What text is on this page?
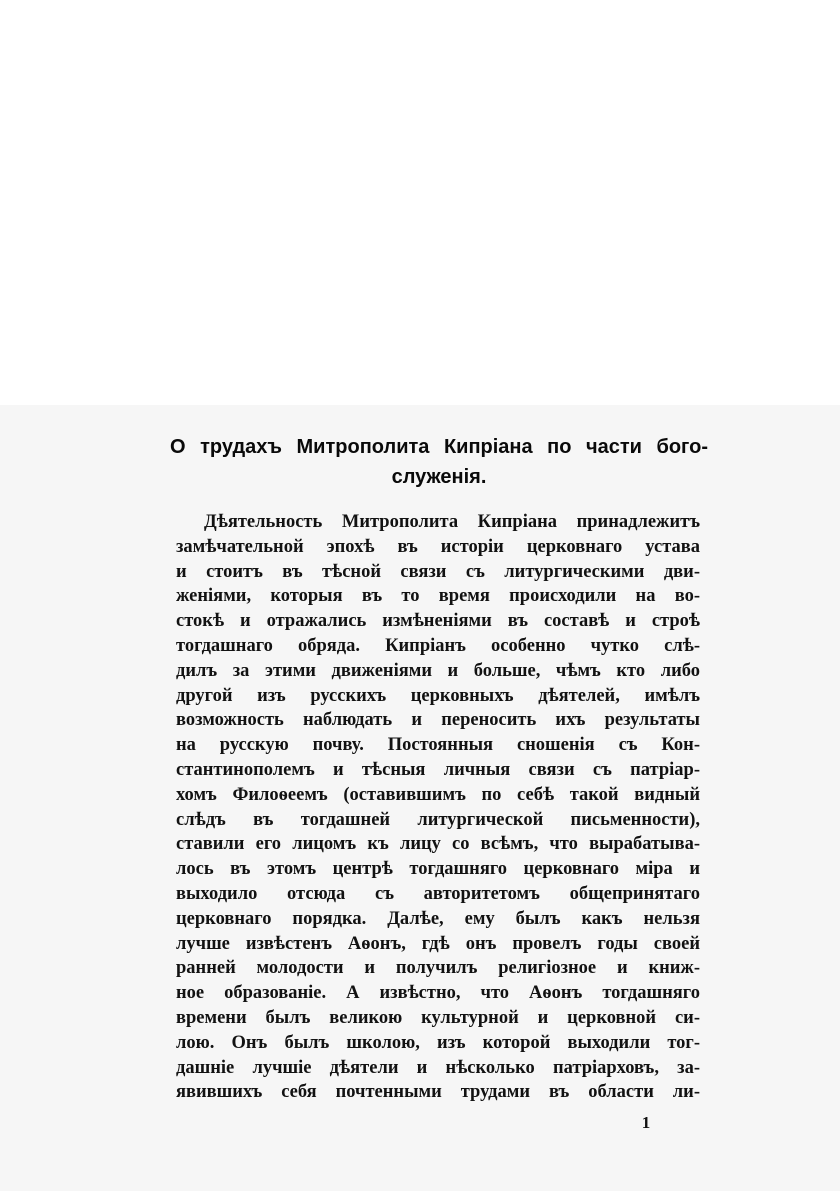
О трудахъ Митрополита Кипріана по части бого-
служенія.
Дѣятельность Митрополита Кипріана принадлежитъ
замѣчательной эпохѣ въ исторіи церковнаго устава
и стоитъ въ тѣсной связи съ литургическими дви-
женіями, которыя въ то время происходили на во-
стокѣ и отражались измѣненіями въ составѣ и строѣ
тогдашнаго обряда. Кипріанъ особенно чутко слѣ-
дилъ за этими движеніями и больше, чѣмъ кто либо
другой изъ русскихъ церковныхъ дѣятелей, имѣлъ
возможность наблюдать и переносить ихъ результаты
на русскую почву. Постоянныя сношенія съ Кон-
стантинополемъ и тѣсныя личныя связи съ патріар-
хомъ Филоѳеемъ (оставившимъ по себѣ такой видный
слѣдъ въ тогдашней литургической письменности),
ставили его лицомъ къ лицу со всѣмъ, что вырабатыва-
лось въ этомъ центрѣ тогдашняго церковнаго міра и
выходило отсюда съ авторитетомъ общепринятаго
церковнаго порядка. Далѣе, ему былъ какъ нельзя
лучше извѣстенъ Аѳонъ, гдѣ онъ провелъ годы своей
ранней молодости и получилъ религіозное и книж-
ное образованіе. А извѣстно, что Аѳонъ тогдашняго
времени былъ великою культурной и церковной си-
лою. Онъ былъ школою, изъ которой выходили тог-
дашніе лучшіе дѣятели и нѣсколько патріарховъ, за-
явившихъ себя почтенными трудами въ области ли-
1
